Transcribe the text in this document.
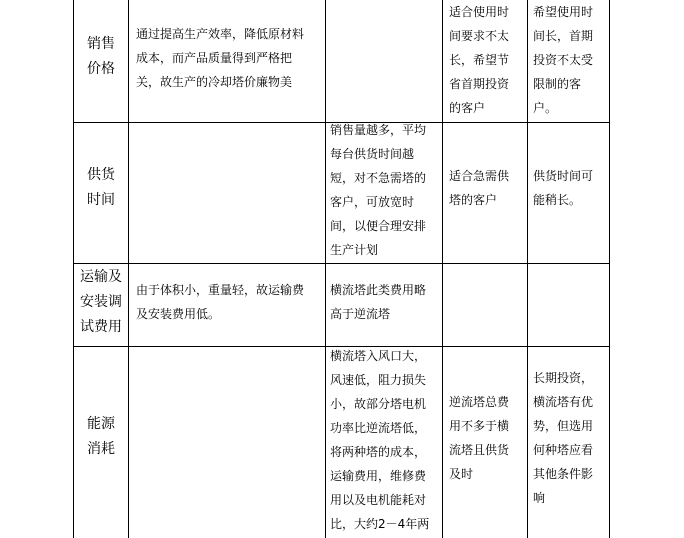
销售
价格
通过提高生产效率，降低原材料
成本，而产品质量得到严格把
关，故生产的冷却塔价廉物美
适合使用时
间要求不太
长，希望节
省首期投资
的客户
希望使用时
间长，首期
投资不太受
限制的客
户。
供货
时间
销售量越多，平均
每台供货时间越
短，对不急需塔的
客户，可放宽时
间，以便合理安排
生产计划
适合急需供
塔的客户
供货时间可
能稍长。
运输及
安装调
试费用
由于体积小，重量轻，故运输费
及安装费用低。
横流塔此类费用略
高于逆流塔
能源
消耗
横流塔入风口大，
风速低，阻力损失
小，故部分塔电机
功率比逆流塔低，
将两种塔的成本，
运输费用，维修费
用以及电机能耗对
比，大约2－4年两
逆流塔总费
用不多于横
流塔且供货
及时
长期投资，
横流塔有优
势，但选用
何种塔应看
其他条件影
响
